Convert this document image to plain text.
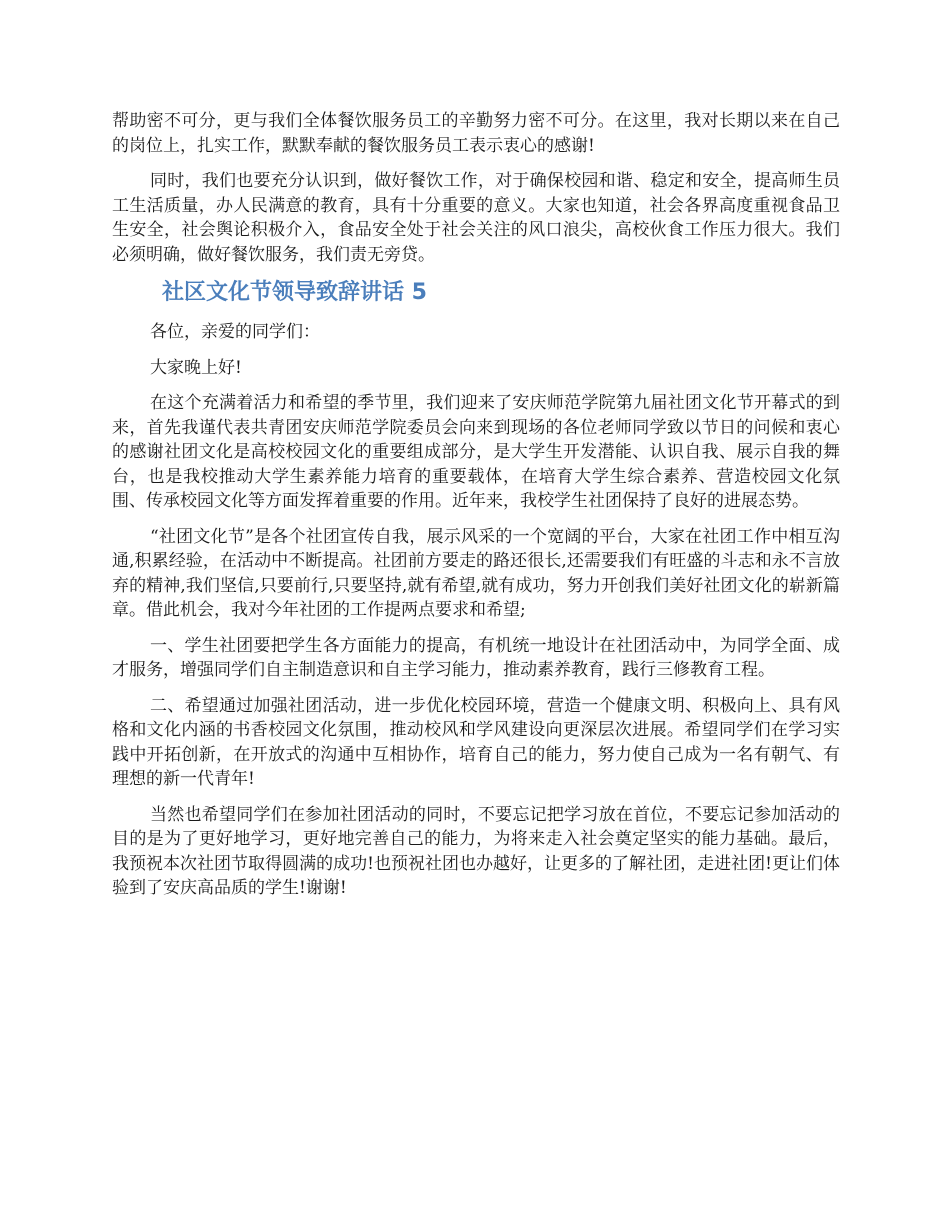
帮助密不可分，更与我们全体餐饮服务员工的辛勤努力密不可分。在这里，我对长期以来在自己的岗位上，扎实工作，默默奉献的餐饮服务员工表示衷心的感谢!

同时，我们也要充分认识到，做好餐饮工作，对于确保校园和谐、稳定和安全，提高师生员工生活质量，办人民满意的教育，具有十分重要的意义。大家也知道，社会各界高度重视食品卫生安全，社会舆论积极介入，食品安全处于社会关注的风口浪尖，高校伙食工作压力很大。我们必须明确，做好餐饮服务，我们责无旁贷。

社区文化节领导致辞讲话 5

各位，亲爱的同学们：

大家晚上好!

在这个充满着活力和希望的季节里，我们迎来了安庆师范学院第九届社团文化节开幕式的到来，首先我谨代表共青团安庆师范学院委员会向来到现场的各位老师同学致以节日的问候和衷心的感谢社团文化是高校校园文化的重要组成部分，是大学生开发潜能、认识自我、展示自我的舞台，也是我校推动大学生素养能力培育的重要载体，在培育大学生综合素养、营造校园文化氛围、传承校园文化等方面发挥着重要的作用。近年来，我校学生社团保持了良好的进展态势。

“社团文化节”是各个社团宣传自我，展示风采的一个宽阔的平台，大家在社团工作中相互沟通,积累经验，在活动中不断提高。社团前方要走的路还很长,还需要我们有旺盛的斗志和永不言放弃的精神,我们坚信,只要前行,只要坚持,就有希望,就有成功，努力开创我们美好社团文化的崭新篇章。借此机会，我对今年社团的工作提两点要求和希望;

一、学生社团要把学生各方面能力的提高，有机统一地设计在社团活动中，为同学全面、成才服务，增强同学们自主制造意识和自主学习能力，推动素养教育，践行三修教育工程。

二、希望通过加强社团活动，进一步优化校园环境，营造一个健康文明、积极向上、具有风格和文化内涵的书香校园文化氛围，推动校风和学风建设向更深层次进展。希望同学们在学习实践中开拓创新，在开放式的沟通中互相协作，培育自己的能力，努力使自己成为一名有朝气、有理想的新一代青年!

当然也希望同学们在参加社团活动的同时，不要忘记把学习放在首位，不要忘记参加活动的目的是为了更好地学习，更好地完善自己的能力，为将来走入社会奠定坚实的能力基础。最后，我预祝本次社团节取得圆满的成功!也预祝社团也办越好，让更多的了解社团，走进社团!更让们体验到了安庆高品质的学生!谢谢!
